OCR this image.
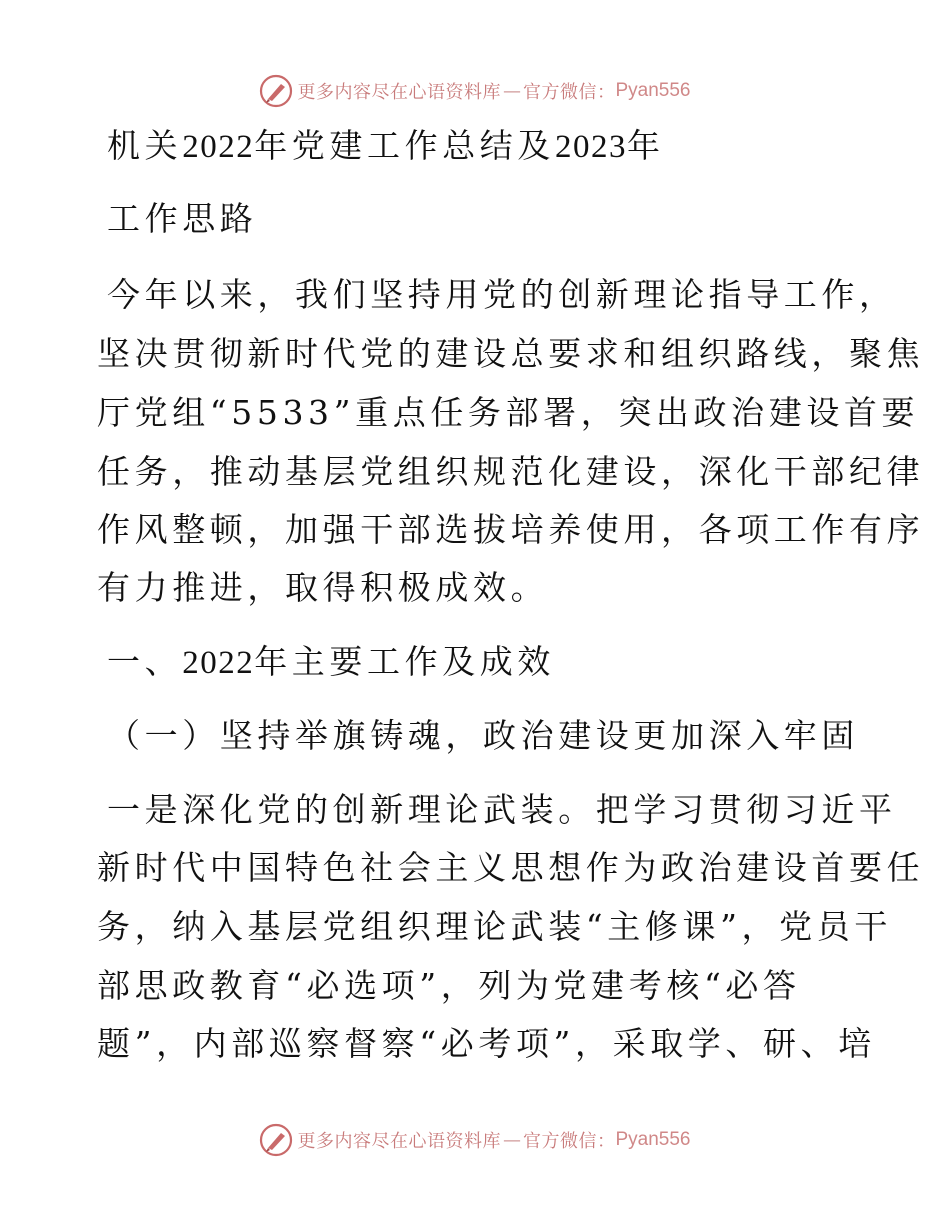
更多内容尽在心语资料库 — 官方微信： Pyan556
机关2022年党建工作总结及2023年
工作思路
今年以来，我们坚持用党的创新理论指导工作，
坚决贯彻新时代党的建设总要求和组织路线，聚焦
厅党组“5533”重点任务部署，突出政治建设首要
任务，推动基层党组织规范化建设，深化干部纪律
作风整顿，加强干部选拔培养使用，各项工作有序
有力推进，取得积极成效。
一、2022年主要工作及成效
（一）坚持举旗铸魂，政治建设更加深入牢固
一是深化党的创新理论武装。把学习贯彻习近平
新时代中国特色社会主义思想作为政治建设首要任
务，纳入基层党组织理论武装“主修课”，党员干
部思政教育“必选项”，列为党建考核“必答
题”，内部巡察督察“必考项”，采取学、研、培
更多内容尽在心语资料库 — 官方微信： Pyan556
